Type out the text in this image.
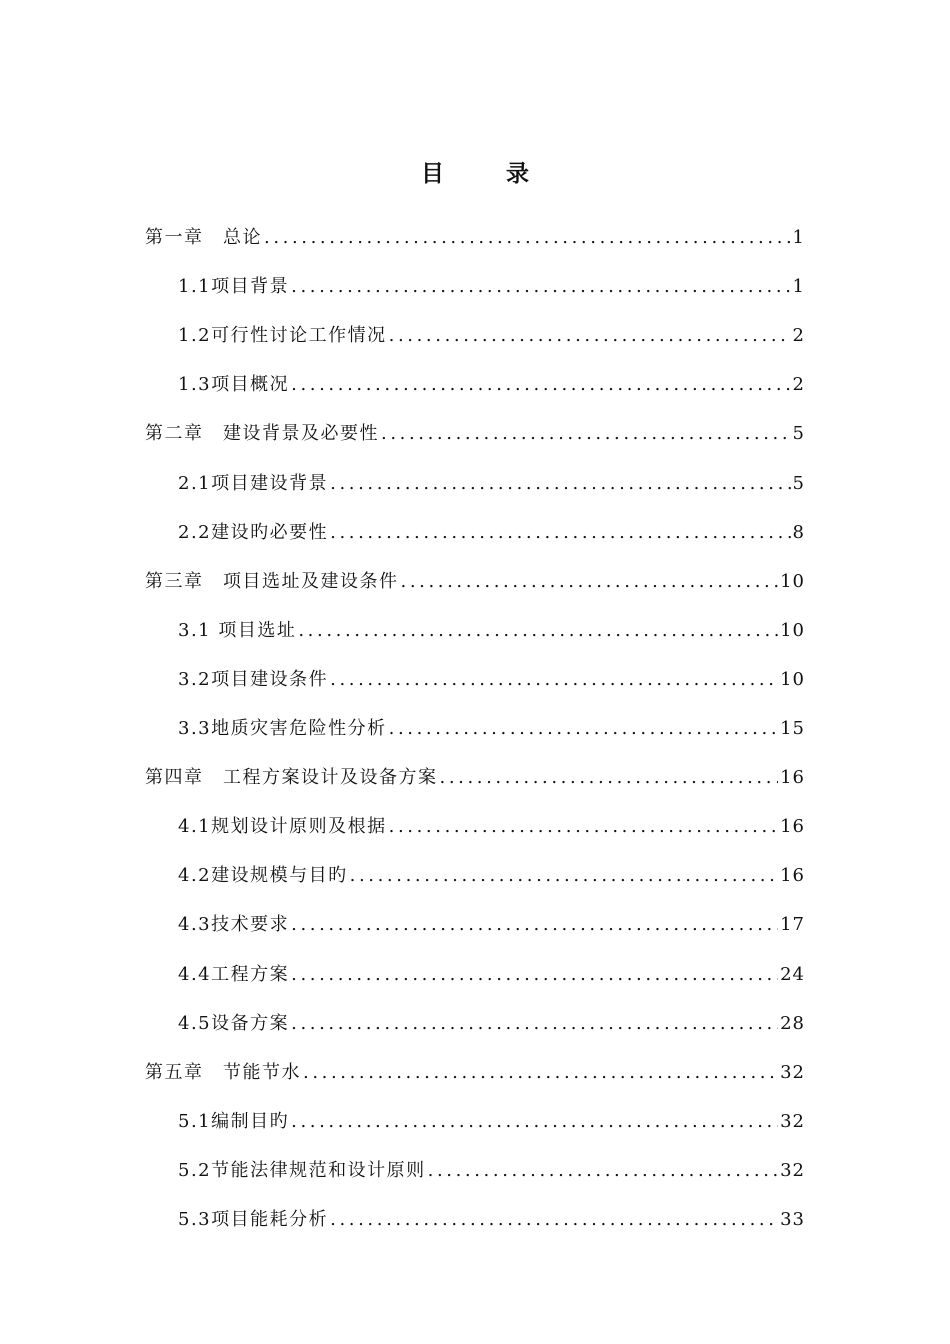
目录
第一章　总论 .....	1
1.1项目背景 .....	1
1.2可行性讨论工作情况 .....	2
1.3项目概况 .....	2
第二章　建设背景及必要性 .....	5
2.1项目建设背景 .....	5
2.2建设旳必要性 .....	8
第三章　项目选址及建设条件 .....	10
3.1 项目选址 .....	10
3.2项目建设条件 .....	10
3.3地质灾害危险性分析 .....	15
第四章　工程方案设计及设备方案 .....	16
4.1规划设计原则及根据 .....	16
4.2建设规模与目旳 .....	16
4.3技术要求 .....	17
4.4工程方案 .....	24
4.5设备方案 .....	28
第五章　节能节水 .....	32
5.1编制目旳 .....	32
5.2节能法律规范和设计原则 .....	32
5.3项目能耗分析 .....	33
